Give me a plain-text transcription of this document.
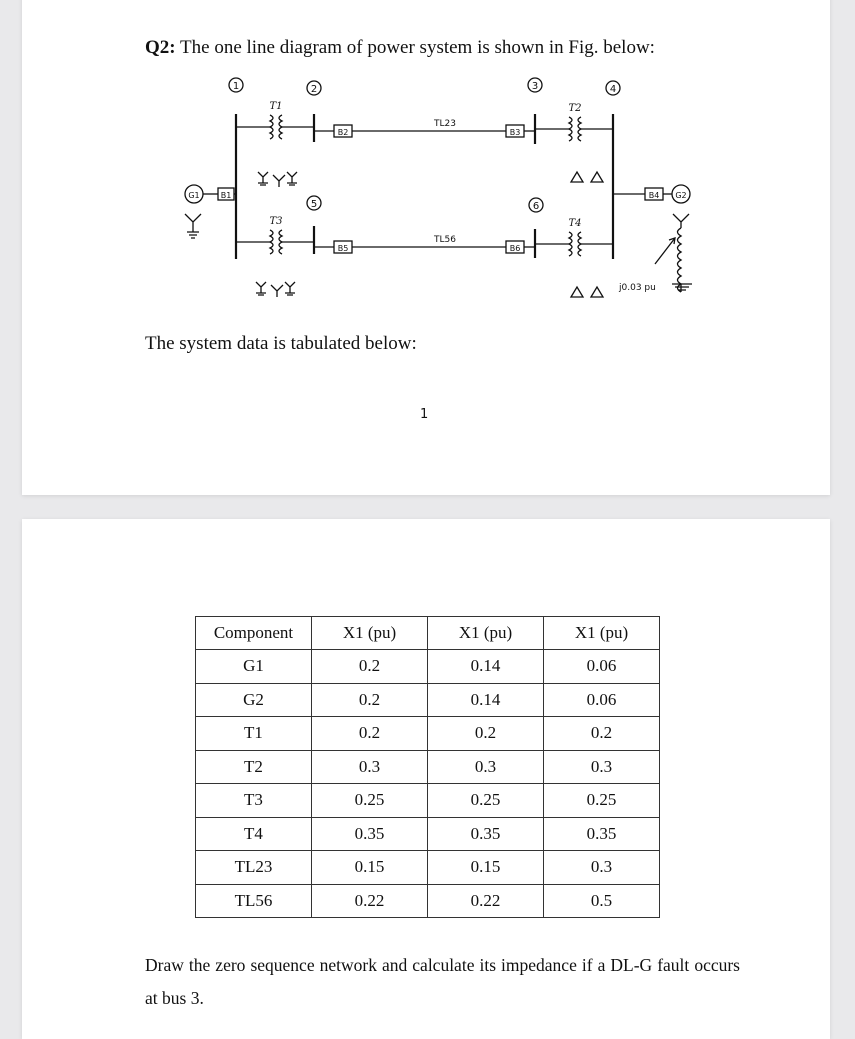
Q2: The one line diagram of power system is shown in Fig. below:
1	2	3	4
5	6
G1	G2
T1	T2
T3	T4
B1
B2	B3
B4
B5	B6
TL23
TL56
j0.03 pu
The system data is tabulated below:
1
Component	X1 (pu)	X1 (pu)	X1 (pu)
G1	0.2	0.14	0.06
G2	0.2	0.14	0.06
T1	0.2	0.2	0.2
T2	0.3	0.3	0.3
T3	0.25	0.25	0.25
T4	0.35	0.35	0.35
TL23	0.15	0.15	0.3
TL56	0.22	0.22	0.5
Draw the zero sequence network and calculate its impedance if a DL-G fault occurs at bus 3.
